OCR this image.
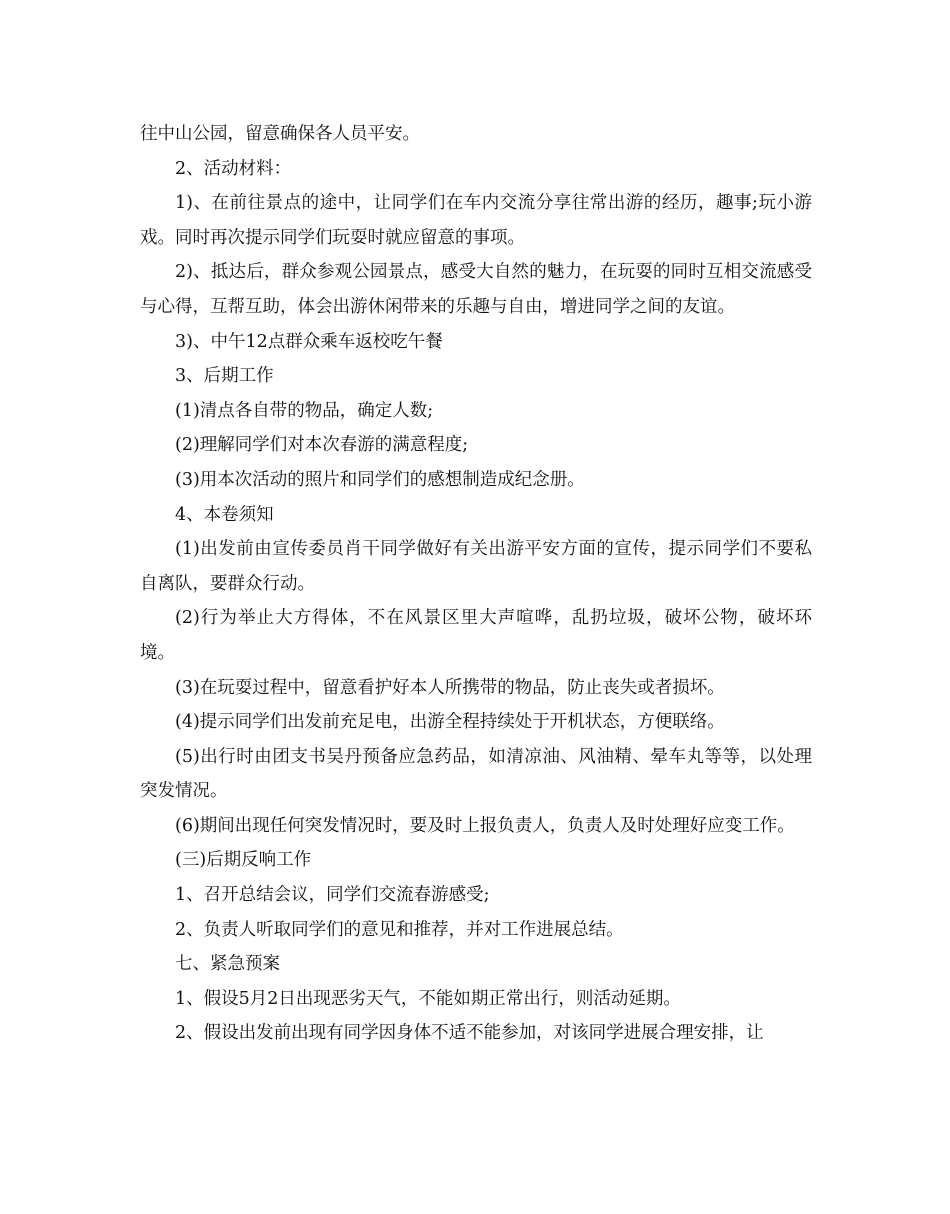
往中山公园，留意确保各人员平安。

2、活动材料：

1)、在前往景点的途中，让同学们在车内交流分享往常出游的经历，趣事;玩小游戏。同时再次提示同学们玩耍时就应留意的事项。

2)、抵达后，群众参观公园景点，感受大自然的魅力，在玩耍的同时互相交流感受与心得，互帮互助，体会出游休闲带来的乐趣与自由，增进同学之间的友谊。

3)、中午12点群众乘车返校吃午餐

3、后期工作

(1)清点各自带的物品，确定人数;

(2)理解同学们对本次春游的满意程度;

(3)用本次活动的照片和同学们的感想制造成纪念册。

4、本卷须知

(1)出发前由宣传委员肖干同学做好有关出游平安方面的宣传，提示同学们不要私自离队，要群众行动。

(2)行为举止大方得体，不在风景区里大声喧哗，乱扔垃圾，破坏公物，破坏环境。

(3)在玩耍过程中，留意看护好本人所携带的物品，防止丧失或者损坏。

(4)提示同学们出发前充足电，出游全程持续处于开机状态，方便联络。

(5)出行时由团支书吴丹预备应急药品，如清凉油、风油精、晕车丸等等，以处理突发情况。

(6)期间出现任何突发情况时，要及时上报负责人，负责人及时处理好应变工作。

(三)后期反响工作

1、召开总结会议，同学们交流春游感受;

2、负责人听取同学们的意见和推荐，并对工作进展总结。

七、紧急预案

1、假设5月2日出现恶劣天气，不能如期正常出行，则活动延期。

2、假设出发前出现有同学因身体不适不能参加，对该同学进展合理安排，让
